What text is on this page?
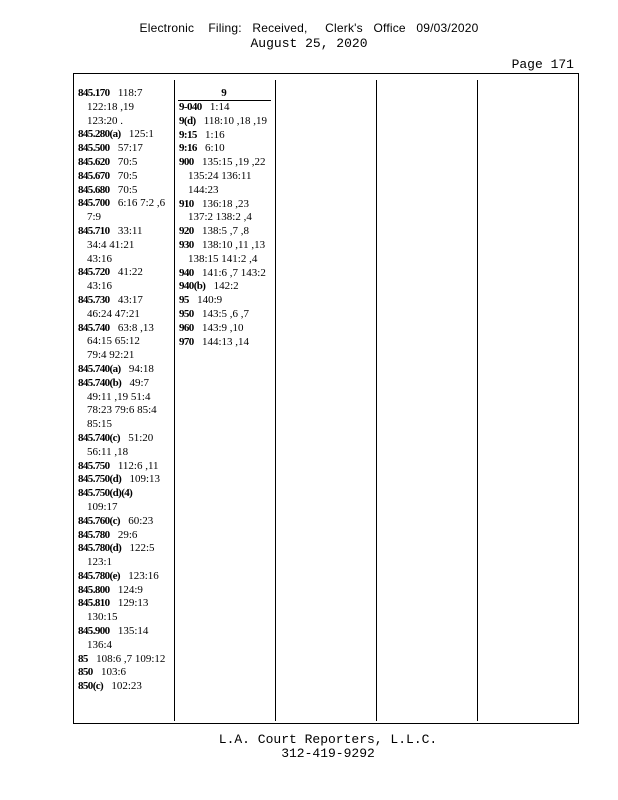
Electronic    Filing:   Received,     Clerk's   Office   09/03/2020
August 25, 2020
Page 171
845.170 118:7
122:18 ,19
123:20 .
845.280(a) 125:1
845.500 57:17
845.620 70:5
845.670 70:5
845.680 70:5
845.700 6:16 7:2 ,6
7:9
845.710 33:11
34:4 41:21
43:16
845.720 41:22
43:16
845.730 43:17
46:24 47:21
845.740 63:8 ,13
64:15 65:12
79:4 92:21
845.740(a) 94:18
845.740(b) 49:7
49:11 ,19 51:4
78:23 79:6 85:4
85:15
845.740(c) 51:20
56:11 ,18
845.750 112:6 ,11
845.750(d) 109:13
845.750(d)(4)
109:17
845.760(c) 60:23
845.780 29:6
845.780(d) 122:5
123:1
845.780(e) 123:16
845.800 124:9
845.810 129:13
130:15
845.900 135:14
136:4
85 108:6 ,7 109:12
850 103:6
850(c) 102:23
9
9-040 1:14
9(d) 118:10 ,18 ,19
9:15 1:16
9:16 6:10
900 135:15 ,19 ,22
135:24 136:11
144:23
910 136:18 ,23
137:2 138:2 ,4
920 138:5 ,7 ,8
930 138:10 ,11 ,13
138:15 141:2 ,4
940 141:6 ,7 143:2
940(b) 142:2
95 140:9
950 143:5 ,6 ,7
960 143:9 ,10
970 144:13 ,14
L.A. Court Reporters, L.L.C.
312-419-9292
